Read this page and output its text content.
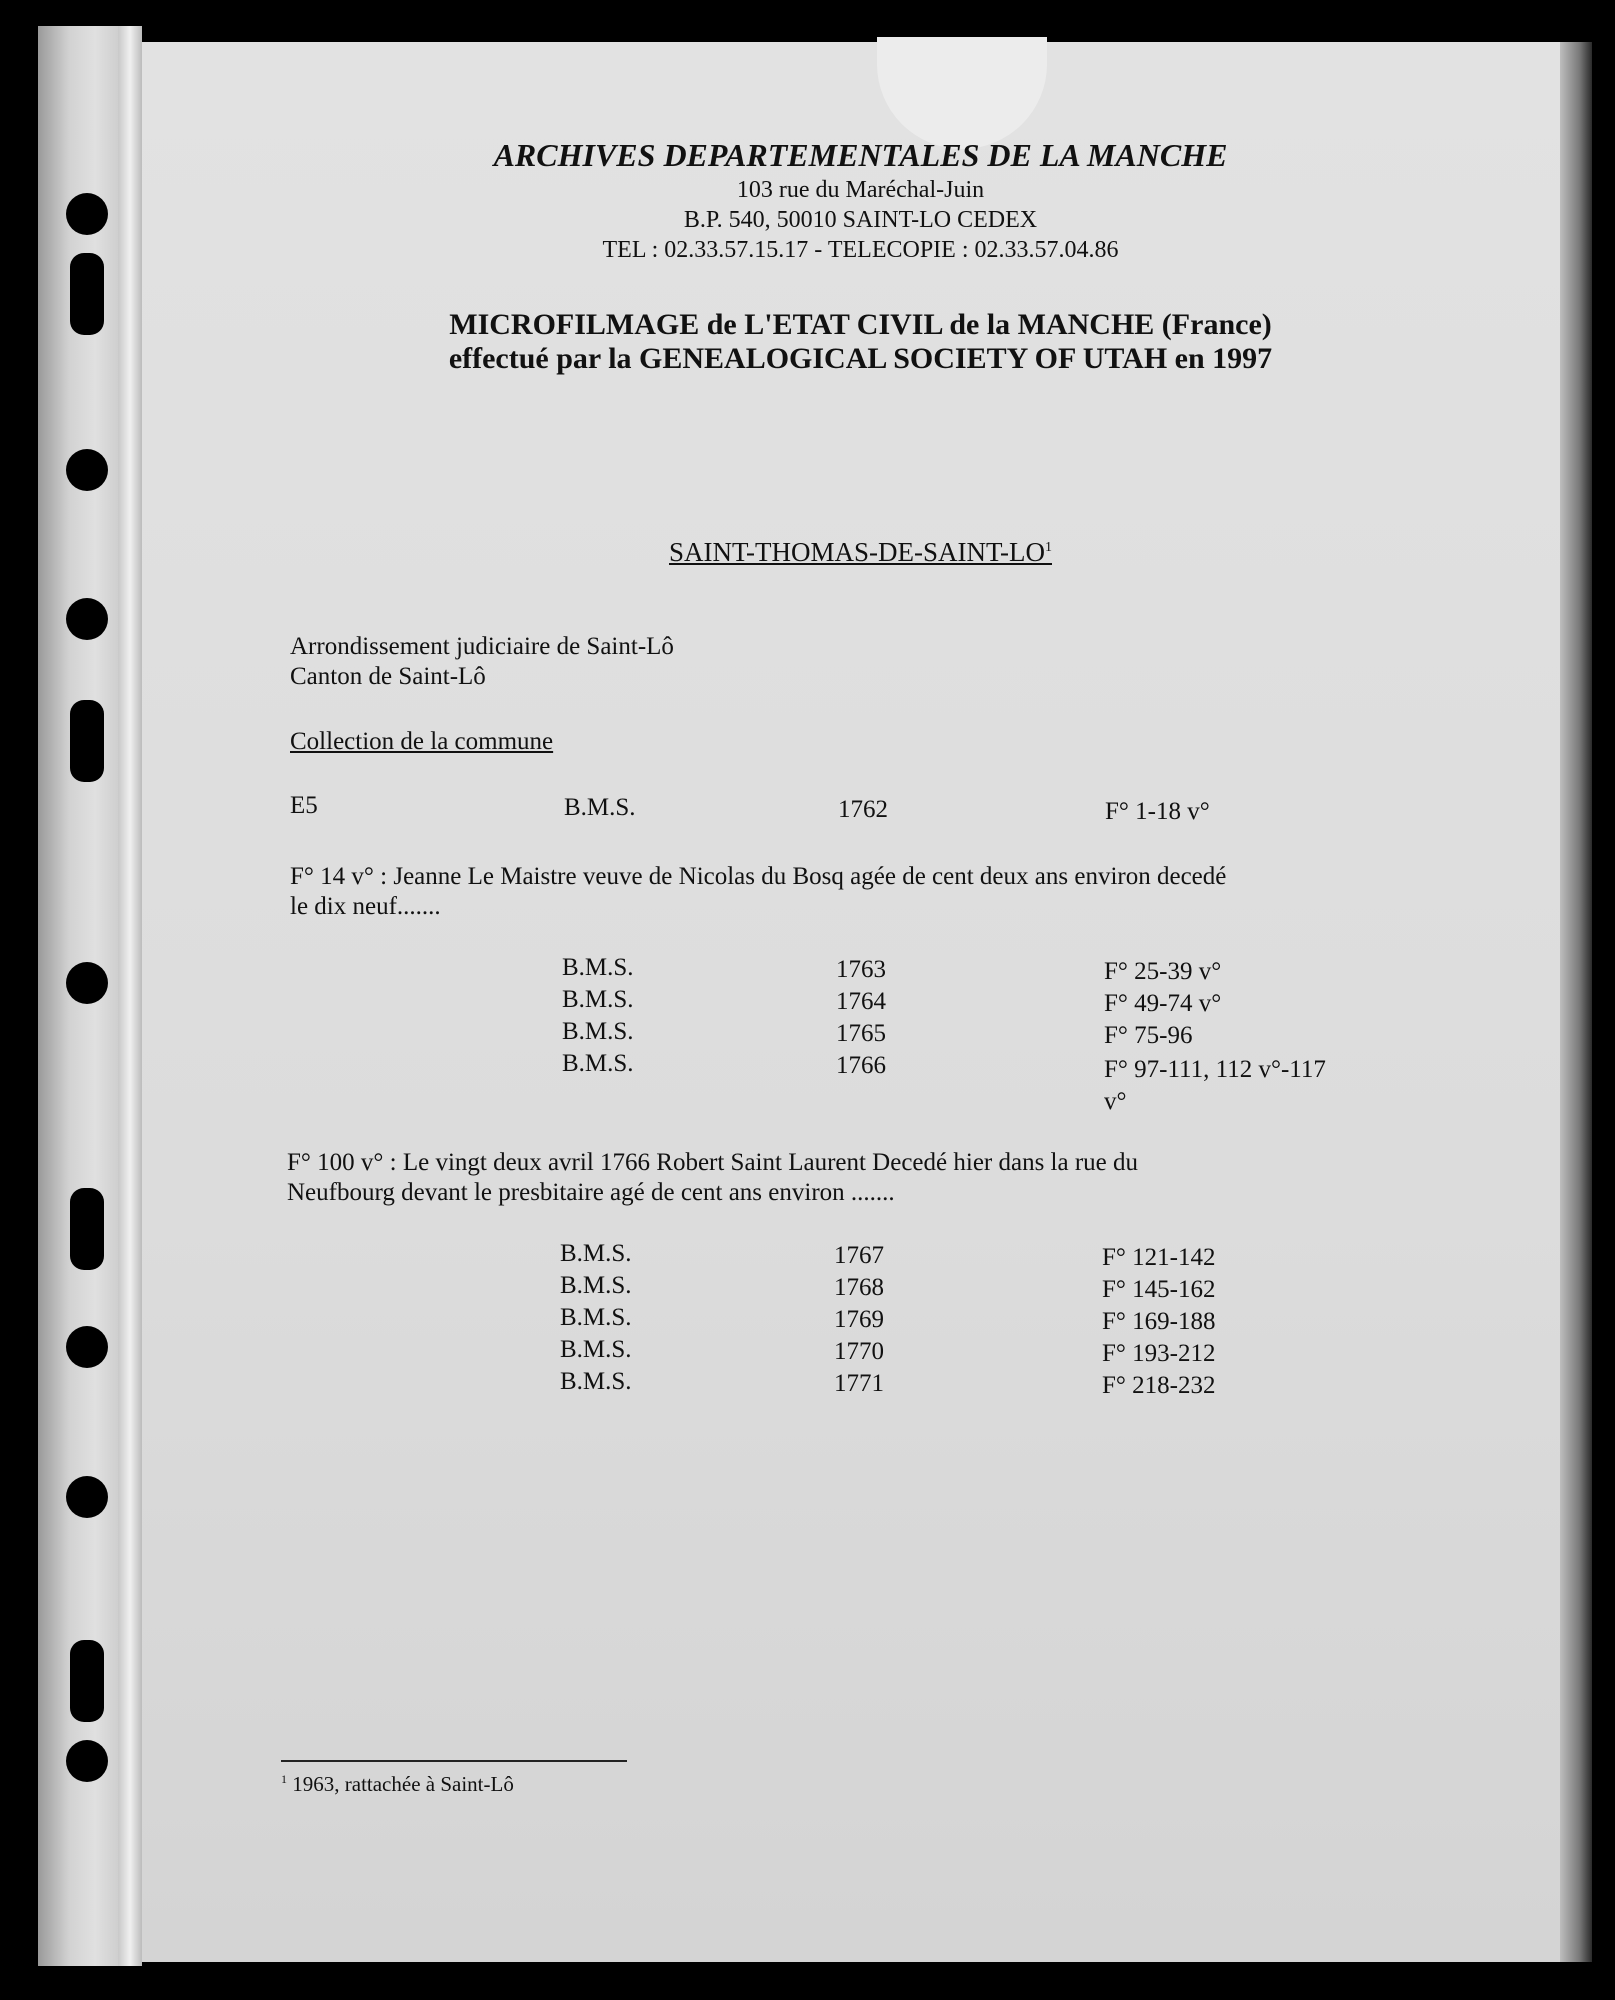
ARCHIVES DEPARTEMENTALES DE LA MANCHE
103 rue du Maréchal-Juin
B.P. 540, 50010 SAINT-LO CEDEX
TEL : 02.33.57.15.17 - TELECOPIE : 02.33.57.04.86
MICROFILMAGE de L'ETAT CIVIL de la MANCHE (France)
effectué par la GENEALOGICAL SOCIETY OF UTAH en 1997
SAINT-$THOMAS-DE-SAINT-LO^1$
Arrondissement judiciaire de Saint-Lô
Canton de Saint-Lô
Collection de la commune
E5	B.M.S.	1762	F° 1-18 v°
F° 14 v° : Jeanne Le Maistre veuve de Nicolas du Bosq agée de cent deux ans environ decedé
le dix neuf.......
B.M.S.	1763	F° 25-39 v°
B.M.S.	1764	F° 49-74 v°
B.M.S.	1765	F° 75-96
B.M.S.	1766	F° 97-111, 112 v°-117
v°
F° 100 v° : Le vingt deux avril 1766 Robert Saint Laurent Decedé hier dans la rue du
Neufbourg devant le presbitaire agé de cent ans environ .......
B.M.S.	1767	F° 121-142
B.M.S.	1768	F° 145-162
B.M.S.	1769	F° 169-188
B.M.S.	1770	F° 193-212
B.M.S.	1771	F° 218-232
$^1$ 1963, rattachée à Saint-Lô
